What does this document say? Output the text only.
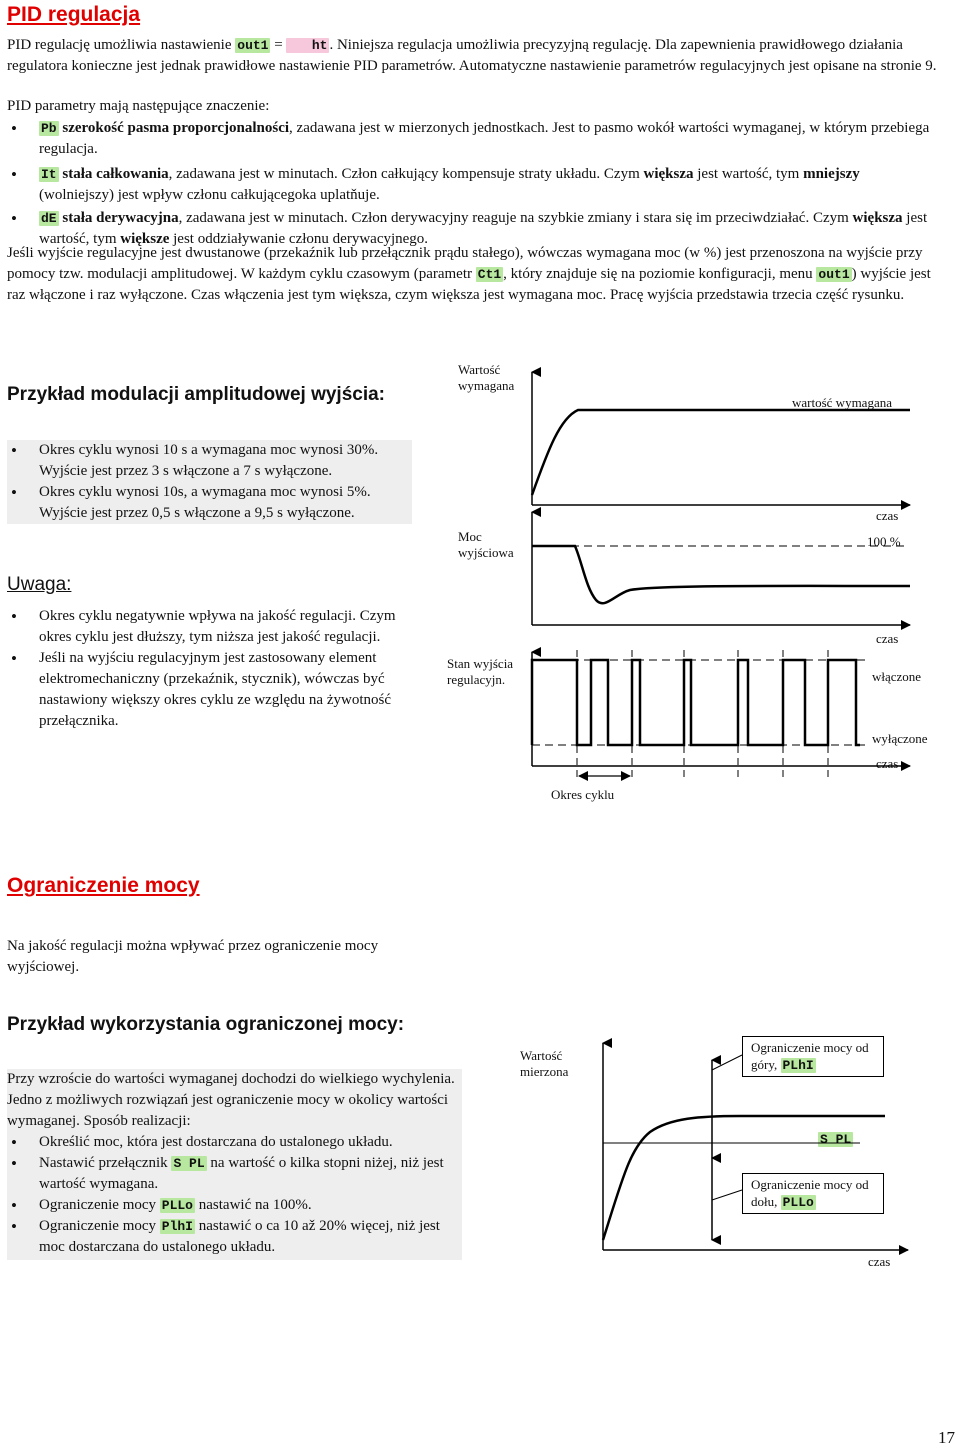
PID regulacja
PID regulację umożliwia nastawienie out1 =    ht . Niniejsza regulacja umożliwia precyzyjną regulację. Dla zapewnienia prawidłowego działania regulatora konieczne jest jednak prawidłowe nastawienie PID parametrów. Automatyczne nastawienie parametrów regulacyjnych jest opisane na stronie 9.
PID parametry mają następujące znaczenie:
• Pb szerokość pasma proporcjonalności, zadawana jest w mierzonych jednostkach. Jest to pasmo wokół wartości wymaganej, w którym przebiega regulacja.
• It stała całkowania, zadawana jest w minutach. Człon całkujący kompensuje straty układu. Czym większa jest wartość, tym mniejszy (wolniejszy) jest wpływ członu całkującegoka uplatňuje.
• dE stała derywacyjna, zadawana jest w minutach. Człon derywacyjny reaguje na szybkie zmiany i stara się im przeciwdziałać. Czym większa jest wartość, tym większe jest oddziaływanie członu derywacyjnego.
Jeśli wyjście regulacyjne jest dwustanowe (przekaźnik lub przełącznik prądu stałego), wówczas wymagana moc (w %) jest przenoszona na wyjście przy pomocy tzw. modulacji amplitudowej. W każdym cyklu czasowym (parametr Ct1 , który znajduje się na poziomie konfiguracji, menu out1 ) wyjście jest raz włączone i raz wyłączone. Czas włączenia jest tym większa, czym większa jest wymagana moc. Pracę wyjścia przedstawia trzecia część rysunku.
Przykład modulacji amplitudowej wyjścia:
• Okres cyklu wynosi 10 s a wymagana moc wynosi 30%. Wyjście jest przez 3 s włączone a 7 s wyłączone.
• Okres cyklu wynosi 10s, a wymagana moc wynosi 5%. Wyjście jest przez 0,5 s włączone a 9,5 s wyłączone.
Uwaga:
• Okres cyklu negatywnie wpływa na jakość regulacji. Czym okres cyklu jest dłuższy, tym niższa jest jakość regulacji.
• Jeśli na wyjściu regulacyjnym jest zastosowany element elektromechaniczny (przekaźnik, stycznik), wówczas być nastawiony większy okres cyklu ze względu na żywotność przełącznika.
Wartość wymagana
wartość wymagana
czas
Moc wyjściowa
100 %
czas
Stan wyjścia regulacyjn.	włączone
wyłączone
czas
Okres cyklu
Ograniczenie mocy
Na jakość regulacji można wpływać przez ograniczenie mocy wyjściowej.
Przykład wykorzystania ograniczonej mocy:
Przy wzroście do wartości wymaganej dochodzi do wielkiego wychylenia. Jedno z możliwych rozwiązań jest ograniczenie mocy w okolicy wartości wymaganej. Sposób realizacji:
• Określić moc, która jest dostarczana do ustalonego układu.
• Nastawić przełącznik S PL na wartość o kilka stopni niżej, niż jest wartość wymagana.
• Ograniczenie mocy PLLo nastawić na 100%.
• Ograniczenie mocy PlhI nastawić o ca 10 až 20% więcej, niż jest moc dostarczana do ustalonego układu.
Wartość mierzona
Ograniczenie mocy od góry, PLhI
S PL
Ograniczenie mocy od dołu, PLLo
czas
17
